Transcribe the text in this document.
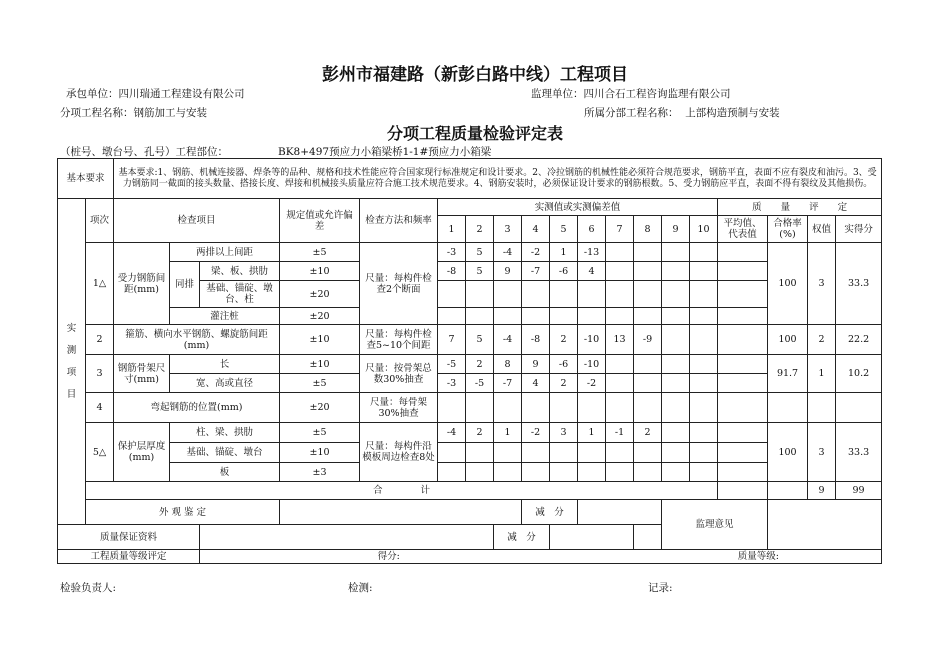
彭州市福建路（新彭白路中线）工程项目
承包单位：四川瑞通工程建设有限公司	监理单位：四川合石工程咨询监理有限公司
分项工程名称：钢筋加工与安装	所属分部工程名称： 上部构造预制与安装
分项工程质量检验评定表
（桩号、墩台号、孔号）工程部位：	BK8+497预应力小箱梁桥1-1#预应力小箱梁
基本要求		基本要求:1、钢筋、机械连接器、焊条等的品种、规格和技术性能应符合国家现行标准规定和设计要求。2、冷拉钢筋的机械性能必须符合规范要求，钢筋平直，表面不应有裂皮和油污。3、受力钢筋同一截面的接头数量、搭接长度、焊接和机械接头质量应符合施工技术规范要求。4、钢筋安装时，必须保证设计要求的钢筋根数。5、受力钢筋应平直，表面不得有裂纹及其他损伤。																		
实

测

项

目	项次	检查项目			规定值或允许偏差	检查方法和频率	实测值或实测偏差值										质　　量　　评　　定			
							1	2	3	4	5	6	7	8	9	10	平均值、代表值	合格率(%)	权值	实得分
	1△	受力钢筋间距(mm)	两排以上间距		±5	尺量：每构件检查2个断面	-3	5	-4	-2	1	-13						100	3	33.3
			同排	梁、板、拱肋	±10		-8	5	9	-7	-6	4								
				基础、锚碇、墩台、柱	±20															
			灌注桩		±20															
	2	箍筋、横向水平钢筋、螺旋筋间距(mm)			±10	尺量：每构件检查5~10个间距	7	5	-4	-8	2	-10	13	-9				100	2	22.2
	3	钢筋骨架尺寸(mm)	长		±10	尺量：按骨架总数30%抽查	-5	2	8	9	-6	-10						91.7	1	10.2
			宽、高或直径		±5		-3	-5	-7	4	2	-2								
	4	弯起钢筋的位置(mm)			±20	尺量：每骨架30%抽查														
	5△	保护层厚度(mm)	柱、梁、拱肋		±5	尺量：每构件沿模板周边检查8处	-4	2	1	-2	3	1	-1	2				100	3	33.3
			基础、锚碇、墩台		±10															
			板		±3															
	合　　　　计																		9	99
	外 观 鉴 定									减　分					监理意见					
质量保证资料									减　分											
工程质量等级评定				得分:								质量等级:								
检验负责人:	检测:	记录:
